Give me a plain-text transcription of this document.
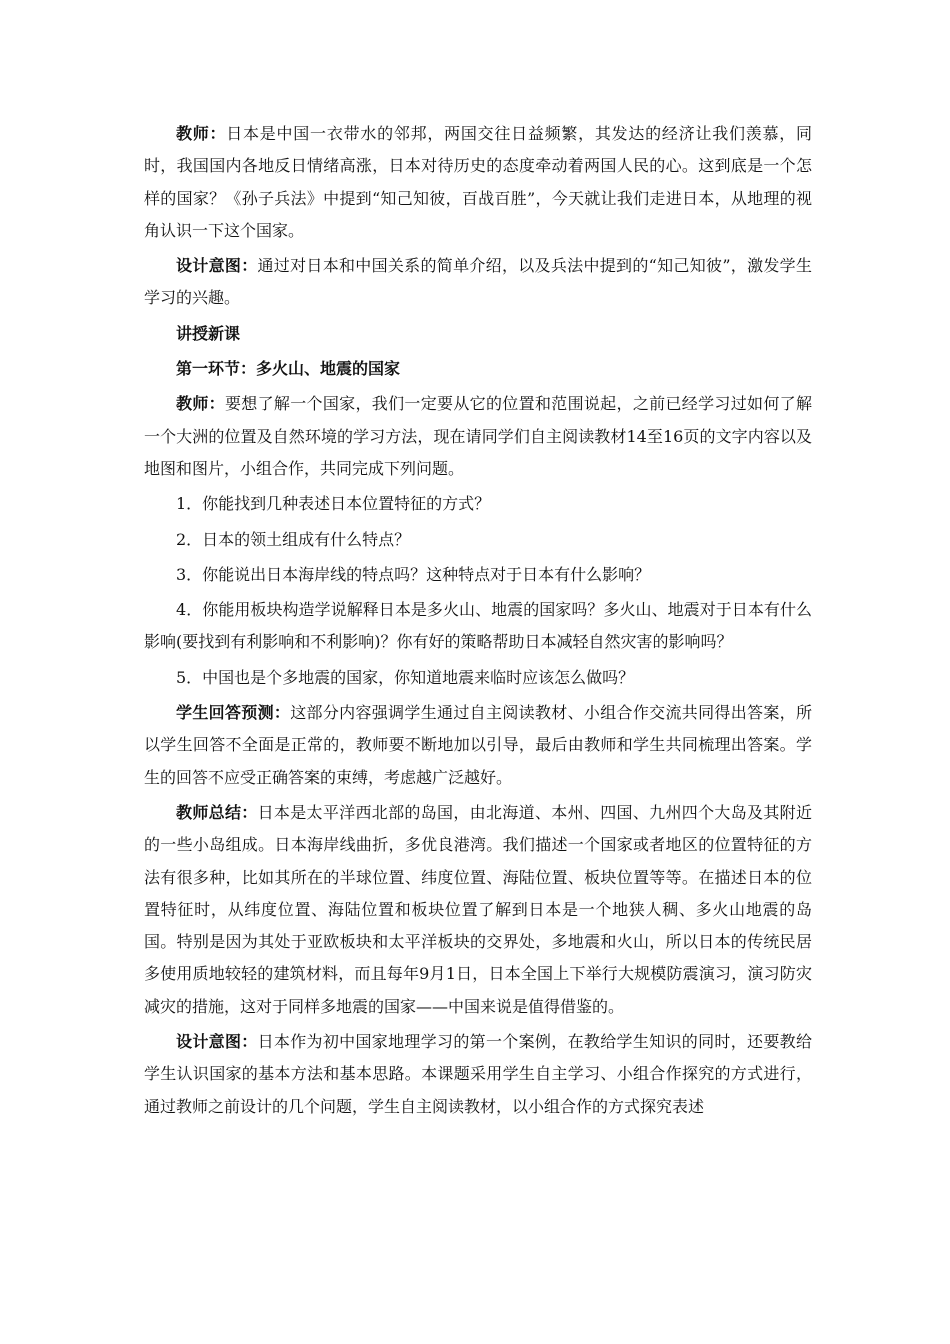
教师：日本是中国一衣带水的邻邦，两国交往日益频繁，其发达的经济让我们羡慕，同时，我国国内各地反日情绪高涨，日本对待历史的态度牵动着两国人民的心。这到底是一个怎样的国家？《孙子兵法》中提到“知己知彼，百战百胜”，今天就让我们走进日本，从地理的视角认识一下这个国家。

设计意图：通过对日本和中国关系的简单介绍，以及兵法中提到的“知己知彼”，激发学生学习的兴趣。

讲授新课

第一环节：多火山、地震的国家

教师：要想了解一个国家，我们一定要从它的位置和范围说起，之前已经学习过如何了解一个大洲的位置及自然环境的学习方法，现在请同学们自主阅读教材14至16页的文字内容以及地图和图片，小组合作，共同完成下列问题。

1．你能找到几种表述日本位置特征的方式？

2．日本的领土组成有什么特点？

3．你能说出日本海岸线的特点吗？这种特点对于日本有什么影响？

4．你能用板块构造学说解释日本是多火山、地震的国家吗？多火山、地震对于日本有什么影响(要找到有利影响和不利影响)？你有好的策略帮助日本减轻自然灾害的影响吗？

5．中国也是个多地震的国家，你知道地震来临时应该怎么做吗？

学生回答预测：这部分内容强调学生通过自主阅读教材、小组合作交流共同得出答案，所以学生回答不全面是正常的，教师要不断地加以引导，最后由教师和学生共同梳理出答案。学生的回答不应受正确答案的束缚，考虑越广泛越好。

教师总结：日本是太平洋西北部的岛国，由北海道、本州、四国、九州四个大岛及其附近的一些小岛组成。日本海岸线曲折，多优良港湾。我们描述一个国家或者地区的位置特征的方法有很多种，比如其所在的半球位置、纬度位置、海陆位置、板块位置等等。在描述日本的位置特征时，从纬度位置、海陆位置和板块位置了解到日本是一个地狭人稠、多火山地震的岛国。特别是因为其处于亚欧板块和太平洋板块的交界处，多地震和火山，所以日本的传统民居多使用质地较轻的建筑材料，而且每年9月1日，日本全国上下举行大规模防震演习，演习防灾减灾的措施，这对于同样多地震的国家——中国来说是值得借鉴的。

设计意图：日本作为初中国家地理学习的第一个案例，在教给学生知识的同时，还要教给学生认识国家的基本方法和基本思路。本课题采用学生自主学习、小组合作探究的方式进行，通过教师之前设计的几个问题，学生自主阅读教材，以小组合作的方式探究表述
